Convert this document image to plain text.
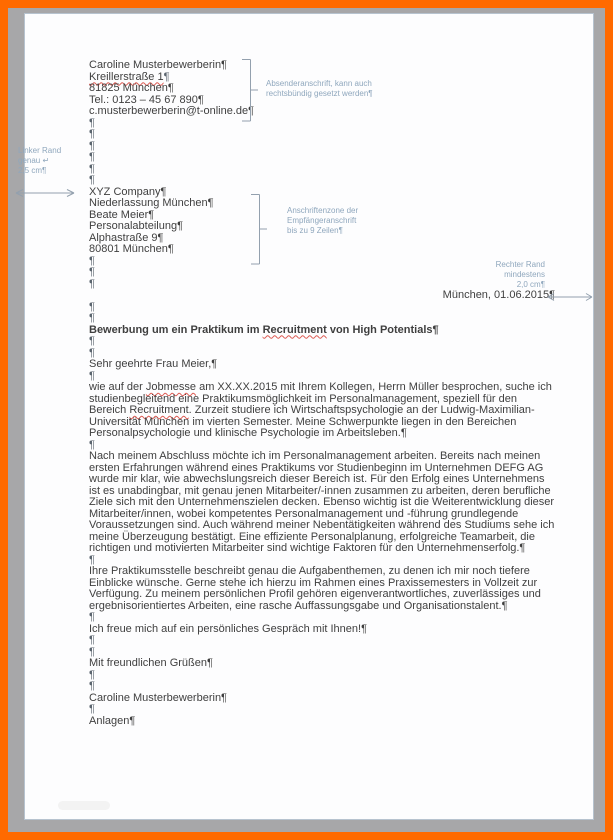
Caroline Musterbewerberin¶
Kreillerstraße 1¶
81825 München¶
Tel.: 0123 – 45 67 890¶
c.musterbewerberin@t-online.de¶
¶
¶
¶
¶
¶
¶
XYZ Company¶
Niederlassung München¶
Beate Meier¶
Personalabteilung¶
Alphastraße 9¶
80801 München¶
¶
¶
¶
München, 01.06.2015¶
¶
¶
Bewerbung um ein Praktikum im Recruitment von High Potentials¶
¶
¶
Sehr geehrte Frau Meier,¶
¶
wie auf der Jobmesse am XX.XX.2015 mit Ihrem Kollegen, Herrn Müller besprochen, suche ich studienbegleitend eine Praktikumsmöglichkeit im Personalmanagement, speziell für den Bereich Recruitment. Zurzeit studiere ich Wirtschaftspsychologie an der Ludwig-Maximilian-Universität München im vierten Semester. Meine Schwerpunkte liegen in den Bereichen Personalpsychologie und klinische Psychologie im Arbeitsleben.¶
¶
Nach meinem Abschluss möchte ich im Personalmanagement arbeiten. Bereits nach meinen ersten Erfahrungen während eines Praktikums vor Studienbeginn im Unternehmen DEFG AG wurde mir klar, wie abwechslungsreich dieser Bereich ist. Für den Erfolg eines Unternehmens ist es unabdingbar, mit genau jenen Mitarbeiter/-innen zusammen zu arbeiten, deren berufliche Ziele sich mit den Unternehmenszielen decken. Ebenso wichtig ist die Weiterentwicklung dieser Mitarbeiter/innen, wobei kompetentes Personalmanagement und -führung grundlegende Voraussetzungen sind. Auch während meiner Nebentätigkeiten während des Studiums sehe ich meine Überzeugung bestätigt. Eine effiziente Personalplanung, erfolgreiche Teamarbeit, die richtigen und motivierten Mitarbeiter sind wichtige Faktoren für den Unternehmenserfolg.¶
¶
Ihre Praktikumsstelle beschreibt genau die Aufgabenthemen, zu denen ich mir noch tiefere Einblicke wünsche. Gerne stehe ich hierzu im Rahmen eines Praxissemesters in Vollzeit zur Verfügung. Zu meinem persönlichen Profil gehören eigenverantwortliches, zuverlässiges und ergebnisorientiertes Arbeiten, eine rasche Auffassungsgabe und Organisationstalent.¶
¶
Ich freue mich auf ein persönliches Gespräch mit Ihnen!¶
¶
¶
Mit freundlichen Grüßen¶
¶
¶
Caroline Musterbewerberin¶
¶
Anlagen¶
Absenderanschrift, kann auch
rechtsbündig gesetzt werden¶
Anschriftenzone der
Empfängeranschrift
bis zu 9 Zeilen¶
Linker Rand
genau ↵
2,5 cm¶
Rechter Rand
mindestens
2,0 cm¶
